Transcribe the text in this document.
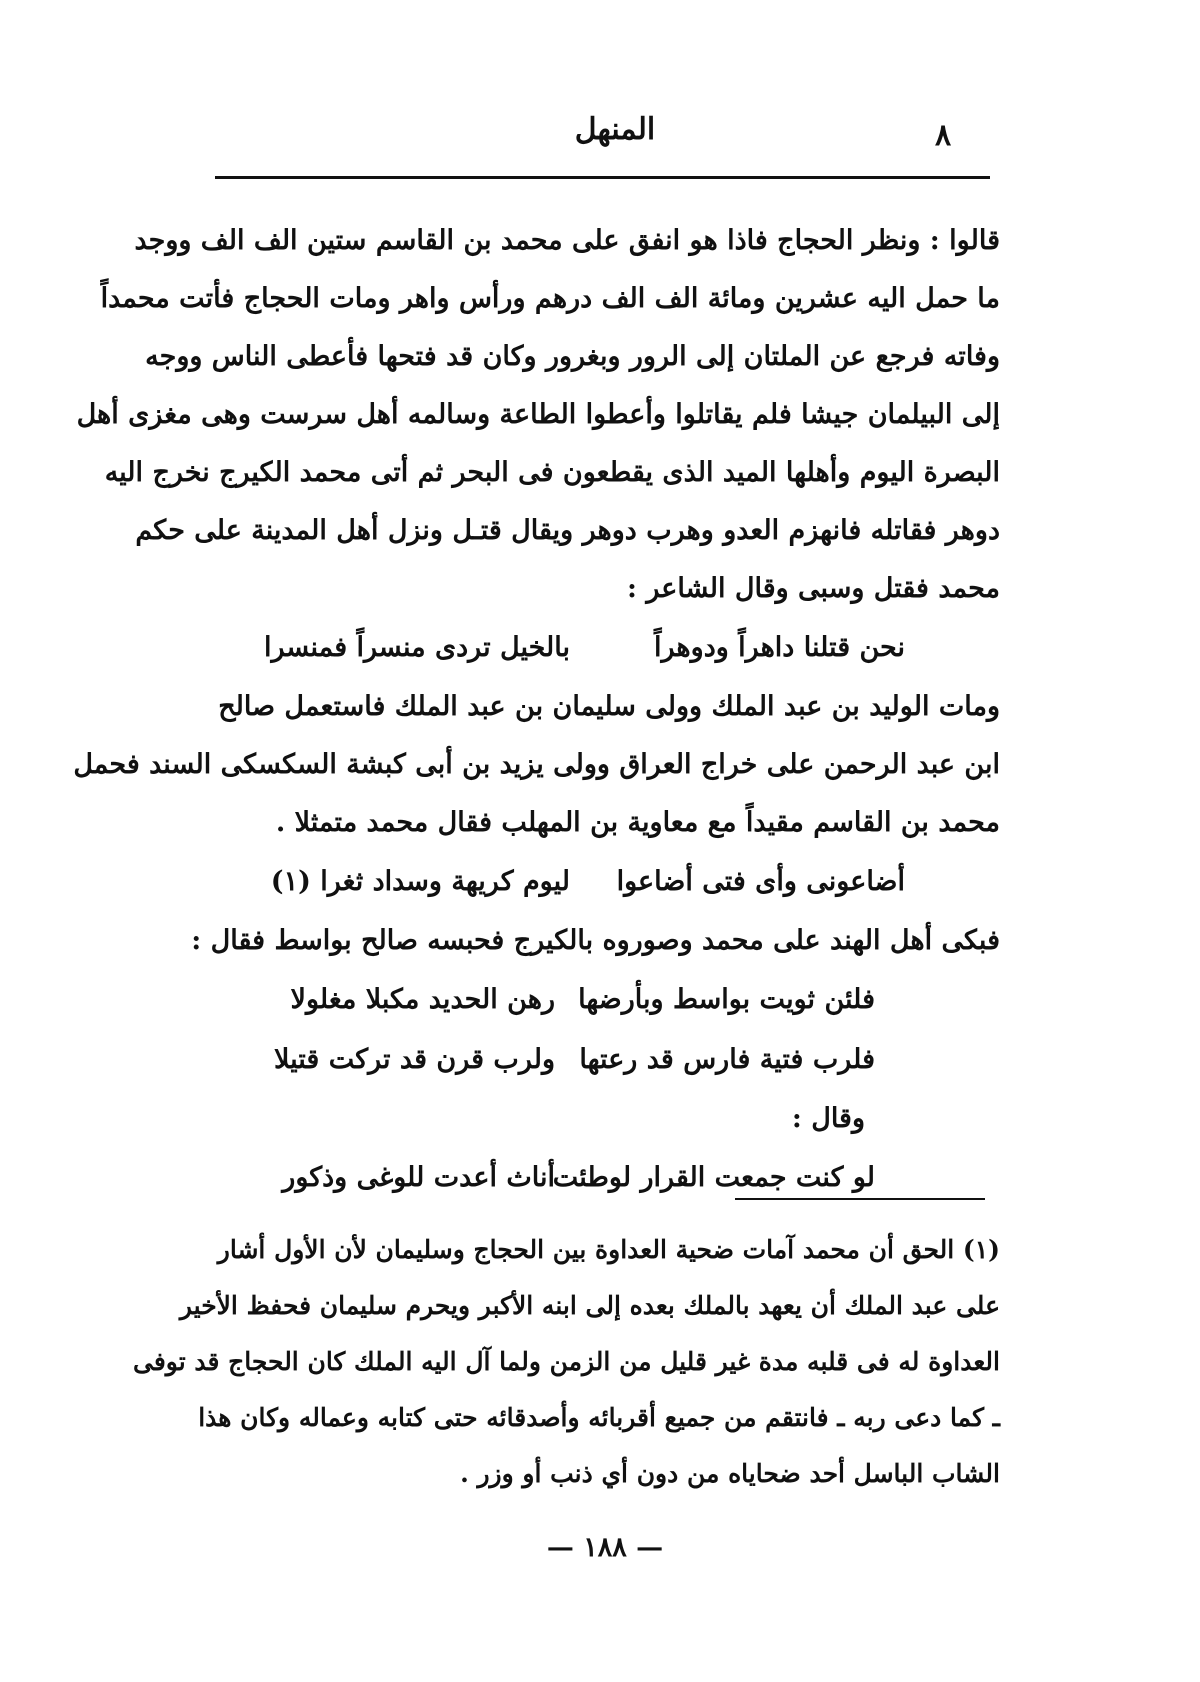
٨
المنهل
قالوا : ونظر الحجاج فاذا هو انفق على محمد بن القاسم ستين الف الف ووجد
ما حمل اليه عشرين ومائة الف الف درهم ورأس واهر ومات الحجاج فأتت محمداً
وفاته فرجع عن الملتان إلى الرور وبغرور وكان قد فتحها فأعطى الناس ووجه
إلى البيلمان جيشا فلم يقاتلوا وأعطوا الطاعة وسالمه أهل سرست وهى مغزى أهل
البصرة اليوم وأهلها الميد الذى يقطعون فى البحر ثم أتى محمد الكيرج نخرج اليه
دوهر فقاتله فانهزم العدو وهرب دوهر ويقال قتـل ونزل أهل المدينة على حكم
محمد فقتل وسبى وقال الشاعر :
نحن قتلنا داهراً ودوهراً
بالخيل تردى منسراً فمنسرا
ومات الوليد بن عبد الملك وولى سليمان بن عبد الملك فاستعمل صالح
ابن عبد الرحمن على خراج العراق وولى يزيد بن أبى كبشة السكسكى السند فحمل
محمد بن القاسم مقيداً مع معاوية بن المهلب فقال محمد متمثلا .
أضاعونى وأى فتى أضاعوا
ليوم كريهة وسداد ثغرا (١)
فبكى أهل الهند على محمد وصوروه بالكيرج فحبسه صالح بواسط فقال :
فلئن ثويت بواسط وبأرضها
رهن الحديد مكبلا مغلولا
فلرب فتية فارس قد رعتها
ولرب قرن قد تركت قتيلا
وقال :
لو كنت جمعت القرار لوطئت
أناث أعدت للوغى وذكور
(١) الحق أن محمد آمات ضحية العداوة بين الحجاج وسليمان لأن الأول أشار
على عبد الملك أن يعهد بالملك بعده إلى ابنه الأكبر ويحرم سليمان فحفظ الأخير
العداوة له فى قلبه مدة غير قليل من الزمن ولما آل اليه الملك كان الحجاج قد توفى
ـ كما دعى ربه ـ فانتقم من جميع أقربائه وأصدقائه حتى كتابه وعماله وكان هذا
الشاب الباسل أحد ضحاياه من دون أي ذنب أو وزر .
— ١٨٨ —
